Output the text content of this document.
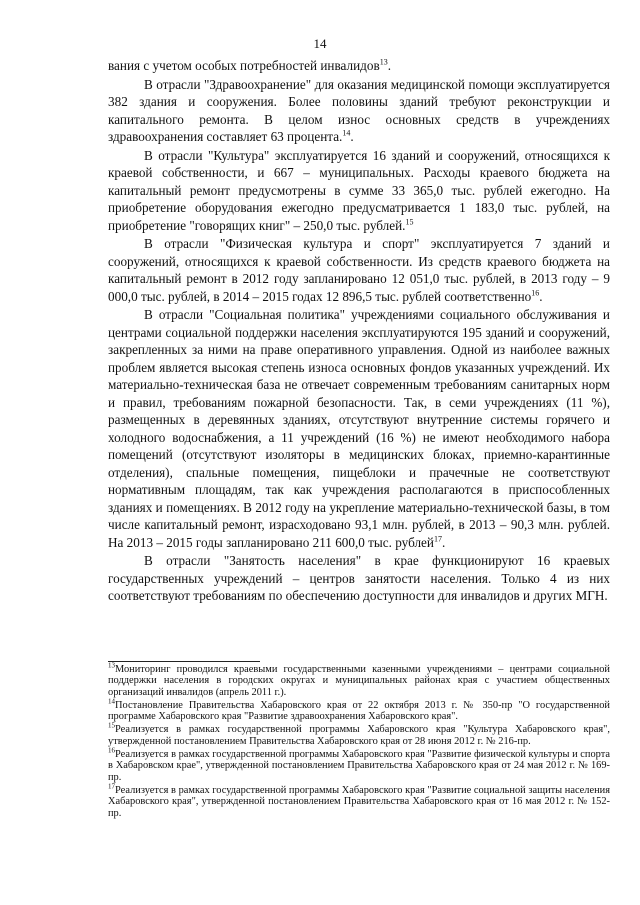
14

вания с учетом особых потребностей инвалидов$^{13}$.

В отрасли "Здравоохранение" для оказания медицинской помощи эксплуатируется 382 здания и сооружения. Более половины зданий требуют реконструкции и капитального ремонта. В целом износ основных средств в учреждениях здравоохранения составляет 63 процента.$^{14}$.

В отрасли "Культура" эксплуатируется 16 зданий и сооружений, относящихся к краевой собственности, и 667 – муниципальных. Расходы краевого бюджета на капитальный ремонт предусмотрены в сумме 33 365,0 тыс. рублей ежегодно. На приобретение оборудования ежегодно предусматривается 1 183,0 тыс. рублей, на приобретение "говорящих книг" – 250,0 тыс. рублей.$^{15}$

В отрасли "Физическая культура и спорт" эксплуатируется 7 зданий и сооружений, относящихся к краевой собственности. Из средств краевого бюджета на капитальный ремонт в 2012 году запланировано 12 051,0 тыс. рублей, в 2013 году – 9 000,0 тыс. рублей, в 2014 – 2015 годах 12 896,5 тыс. рублей соответственно$^{16}$.

В отрасли "Социальная политика" учреждениями социального обслуживания и центрами социальной поддержки населения эксплуатируются 195 зданий и сооружений, закрепленных за ними на праве оперативного управления. Одной из наиболее важных проблем является высокая степень износа основных фондов указанных учреждений. Их материально-техническая база не отвечает современным требованиям санитарных норм и правил, требованиям пожарной безопасности. Так, в семи учреждениях (11 %), размещенных в деревянных зданиях, отсутствуют внутренние системы горячего и холодного водоснабжения, а 11 учреждений (16 %) не имеют необходимого набора помещений (отсутствуют изоляторы в медицинских блоках, приемно-карантинные отделения), спальные помещения, пищеблоки и прачечные не соответствуют нормативным площадям, так как учреждения располагаются в приспособленных зданиях и помещениях. В 2012 году на укрепление материально-технической базы, в том числе капитальный ремонт, израсходовано 93,1 млн. рублей, в 2013 – 90,3 млн. рублей. На 2013 – 2015 годы запланировано 211 600,0 тыс. рублей$^{17}$.

В отрасли "Занятость населения" в крае функционируют 16 краевых государственных учреждений – центров занятости населения. Только 4 из них соответствуют требованиям по обеспечению доступности для инвалидов и других МГН.

$^{13}$Мониторинг проводился краевыми государственными казенными учреждениями – центрами социальной поддержки населения в городских округах и муниципальных районах края с участием общественных организаций инвалидов (апрель 2011 г.).
$^{14}$Постановление Правительства Хабаровского края от 22 октября 2013 г. № 350-пр "О государственной программе Хабаровского края "Развитие здравоохранения Хабаровского края".
$^{15}$Реализуется в рамках государственной программы Хабаровского края "Культура Хабаровского края", утвержденной постановлением Правительства Хабаровского края от 28 июня 2012 г. № 216-пр.
$^{16}$Реализуется в рамках государственной программы Хабаровского края "Развитие физической культуры и спорта в Хабаровском крае", утвержденной постановлением Правительства Хабаровского края от 24 мая 2012 г. № 169-пр.
$^{17}$Реализуется в рамках государственной программы Хабаровского края "Развитие социальной защиты населения Хабаровского края", утвержденной постановлением Правительства Хабаровского края от 16 мая 2012 г. № 152-пр.
